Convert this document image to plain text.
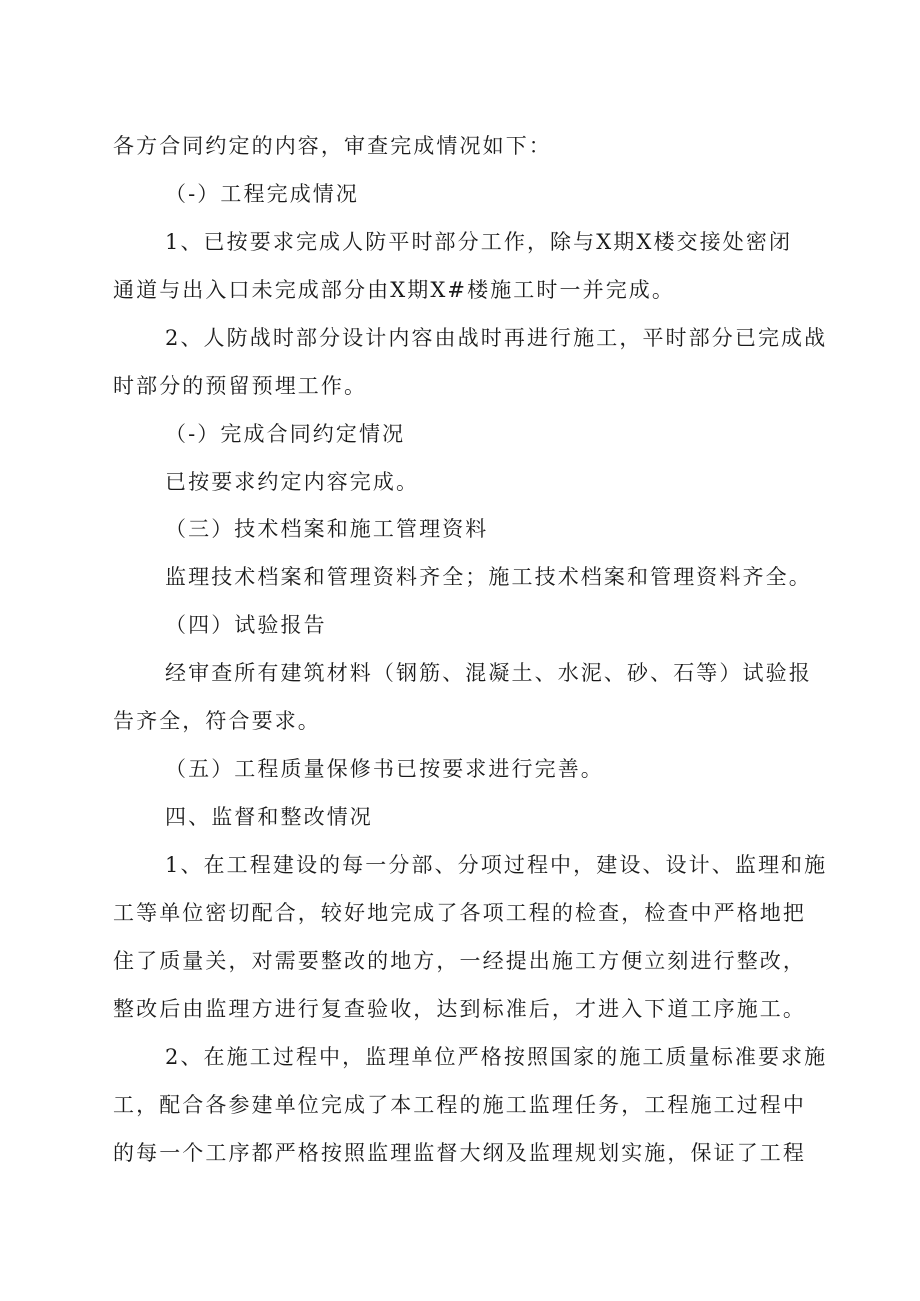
各方合同约定的内容，审查完成情况如下：
（-）工程完成情况
1、已按要求完成人防平时部分工作，除与X期X楼交接处密闭
通道与出入口未完成部分由X期X#楼施工时一并完成。
2、人防战时部分设计内容由战时再进行施工，平时部分已完成战
时部分的预留预埋工作。
（-）完成合同约定情况
已按要求约定内容完成。
（三）技术档案和施工管理资料
监理技术档案和管理资料齐全；施工技术档案和管理资料齐全。
（四）试验报告
经审查所有建筑材料（钢筋、混凝土、水泥、砂、石等）试验报
告齐全，符合要求。
（五）工程质量保修书已按要求进行完善。
四、监督和整改情况
1、在工程建设的每一分部、分项过程中，建设、设计、监理和施
工等单位密切配合，较好地完成了各项工程的检查，检查中严格地把
住了质量关，对需要整改的地方，一经提出施工方便立刻进行整改，
整改后由监理方进行复查验收，达到标准后，才进入下道工序施工。
2、在施工过程中，监理单位严格按照国家的施工质量标准要求施
工，配合各参建单位完成了本工程的施工监理任务，工程施工过程中
的每一个工序都严格按照监理监督大纲及监理规划实施，保证了工程
